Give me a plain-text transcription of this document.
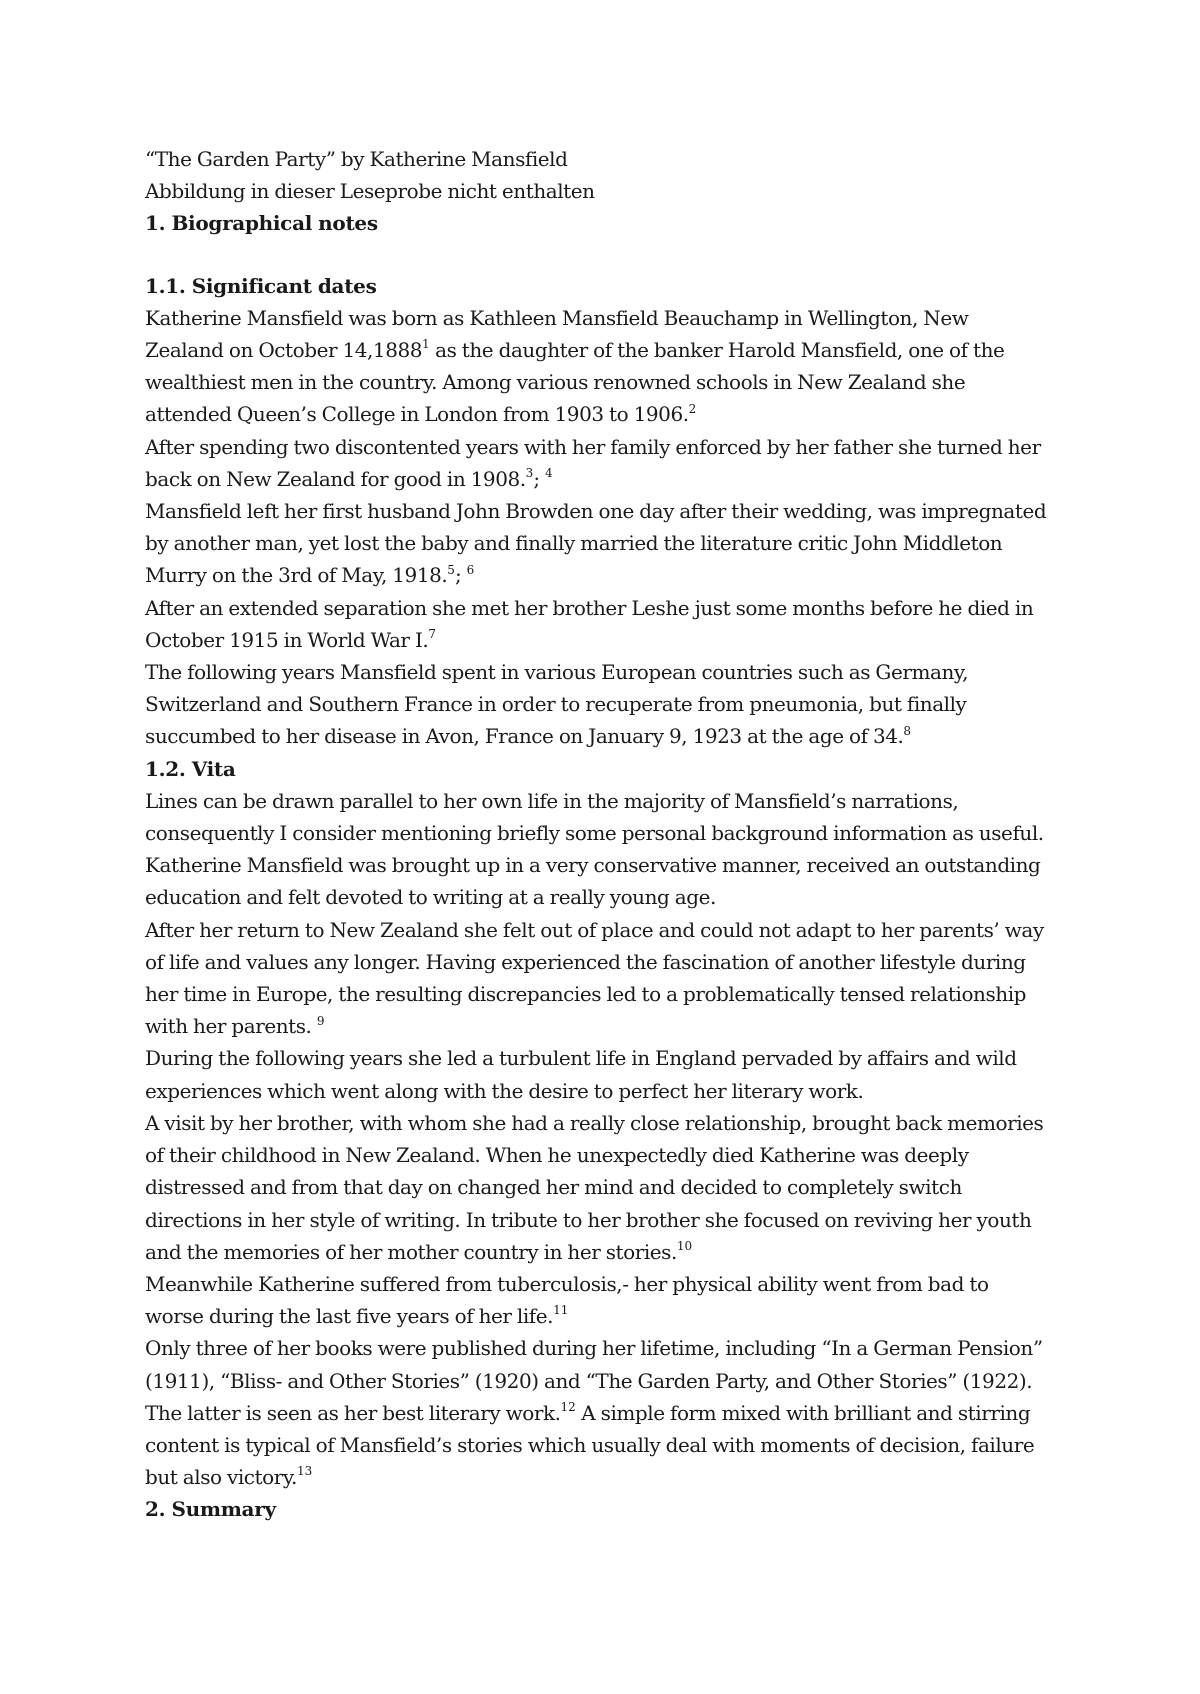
“The Garden Party” by Katherine Mansfield
Abbildung in dieser Leseprobe nicht enthalten
1. Biographical notes
1.1. Significant dates
Katherine Mansfield was born as Kathleen Mansfield Beauchamp in Wellington, New
Zealand on October 14,1888$^1$ as the daughter of the banker Harold Mansfield, one of the
wealthiest men in the country. Among various renowned schools in New Zealand she
attended Queen’s College in London from 1903 to 1906.$^2$
After spending two discontented years with her family enforced by her father she turned her
back on New Zealand for good in 1908.$^3$; $^4$
Mansfield left her first husband John Browden one day after their wedding, was impregnated
by another man, yet lost the baby and finally married the literature critic John Middleton
Murry on the 3rd of May, 1918.$^5$; $^6$
After an extended separation she met her brother Leshe just some months before he died in
October 1915 in World War I.$^7$
The following years Mansfield spent in various European countries such as Germany,
Switzerland and Southern France in order to recuperate from pneumonia, but finally
succumbed to her disease in Avon, France on January 9, 1923 at the age of 34.$^8$
1.2. Vita
Lines can be drawn parallel to her own life in the majority of Mansfield’s narrations,
consequently I consider mentioning briefly some personal background information as useful.
Katherine Mansfield was brought up in a very conservative manner, received an outstanding
education and felt devoted to writing at a really young age.
After her return to New Zealand she felt out of place and could not adapt to her parents’ way
of life and values any longer. Having experienced the fascination of another lifestyle during
her time in Europe, the resulting discrepancies led to a problematically tensed relationship
with her parents. $^9$
During the following years she led a turbulent life in England pervaded by affairs and wild
experiences which went along with the desire to perfect her literary work.
A visit by her brother, with whom she had a really close relationship, brought back memories
of their childhood in New Zealand. When he unexpectedly died Katherine was deeply
distressed and from that day on changed her mind and decided to completely switch
directions in her style of writing. In tribute to her brother she focused on reviving her youth
and the memories of her mother country in her stories.$^{10}$
Meanwhile Katherine suffered from tuberculosis,- her physical ability went from bad to
worse during the last five years of her life.$^{11}$
Only three of her books were published during her lifetime, including “In a German Pension”
(1911), “Bliss- and Other Stories” (1920) and “The Garden Party, and Other Stories” (1922).
The latter is seen as her best literary work.$^{12}$ A simple form mixed with brilliant and stirring
content is typical of Mansfield’s stories which usually deal with moments of decision, failure
but also victory.$^{13}$
2. Summary
